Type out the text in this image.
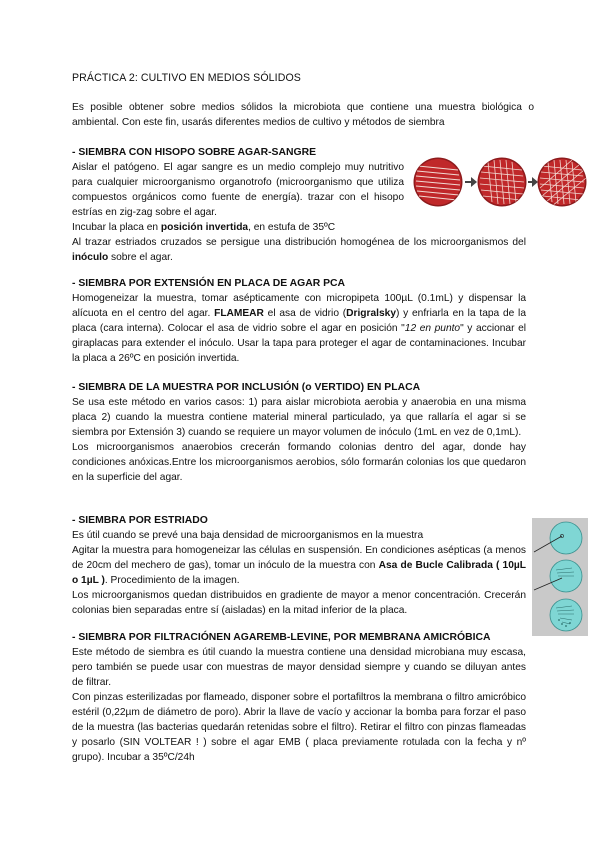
PRÁCTICA 2: CULTIVO EN MEDIOS SÓLIDOS
Es posible obtener sobre medios sólidos la microbiota que contiene una muestra biológica o ambiental. Con este fin, usarás diferentes medios de cultivo y métodos de siembra
- SIEMBRA CON HISOPO SOBRE AGAR-SANGRE

Aislar el patógeno. El agar sangre es un medio complejo muy nutritivo para cualquier microorganismo organotrofo (microorganismo que utiliza compuestos orgánicos como fuente de energía). trazar con el hisopo estrías en zig-zag sobre el agar.

Incubar la placa en posición invertida, en estufa de 35ºC

Al trazar estriados cruzados se persigue una distribución homogénea de los microorganismos del inóculo sobre el agar.

- SIEMBRA POR EXTENSIÓN EN PLACA DE AGAR PCA

Homogeneizar la muestra, tomar asépticamente con micropipeta 100µL (0.1mL) y dispensar la alícuota en el centro del agar. FLAMEAR el asa de vidrio (Drigralsky) y enfriarla en la tapa de la placa (cara interna). Colocar el asa de vidrio sobre el agar en posición "12 en punto" y accionar el giraplacas para extender el inóculo. Usar la tapa para proteger el agar de contaminaciones. Incubar la placa a 26ºC en posición invertida.

- SIEMBRA DE LA MUESTRA POR INCLUSIÓN (o VERTIDO) EN PLACA

Se usa este método en varios casos: 1) para aislar microbiota aerobia y anaerobia en una misma placa 2) cuando la muestra contiene material mineral particulado, ya que rallaría el agar si se siembra por Extensión 3) cuando se requiere un mayor volumen de inóculo (1mL en vez de 0,1mL).

Los microorganismos anaerobios crecerán formando colonias dentro del agar, donde hay condiciones anóxicas.Entre los microorganismos aerobios, sólo formarán colonias los que quedaron en la superficie del agar.

- SIEMBRA POR ESTRIADO

Es útil cuando se prevé una baja densidad de microorganismos en la muestra

Agitar la muestra para homogeneizar las células en suspensión. En condiciones asépticas (a menos de 20cm del mechero de gas), tomar un inóculo de la muestra con Asa de Bucle Calibrada ( 10µL o 1µL ). Procedimiento de la imagen.

Los microorganismos quedan distribuidos en gradiente de mayor a menor concentración. Crecerán colonias bien separadas entre sí (aisladas) en la mitad inferior de la placa.

- SIEMBRA POR FILTRACIÓNEN AGAREMB-LEVINE, POR MEMBRANA AMICRÓBICA

Este método de siembra es útil cuando la muestra contiene una densidad microbiana muy escasa, pero también se puede usar con muestras de mayor densidad siempre y cuando se diluyan antes de filtrar.

Con pinzas esterilizadas por flameado, disponer sobre el portafiltros la membrana o filtro amicróbico estéril (0,22µm de diámetro de poro). Abrir la llave de vacío y accionar la bomba para forzar el paso de la muestra (las bacterias quedarán retenidas sobre el filtro). Retirar el filtro con pinzas flameadas y posarlo (SIN VOLTEAR ! ) sobre el agar EMB ( placa previamente rotulada con la fecha y nº grupo). Incubar a 35ºC/24h
